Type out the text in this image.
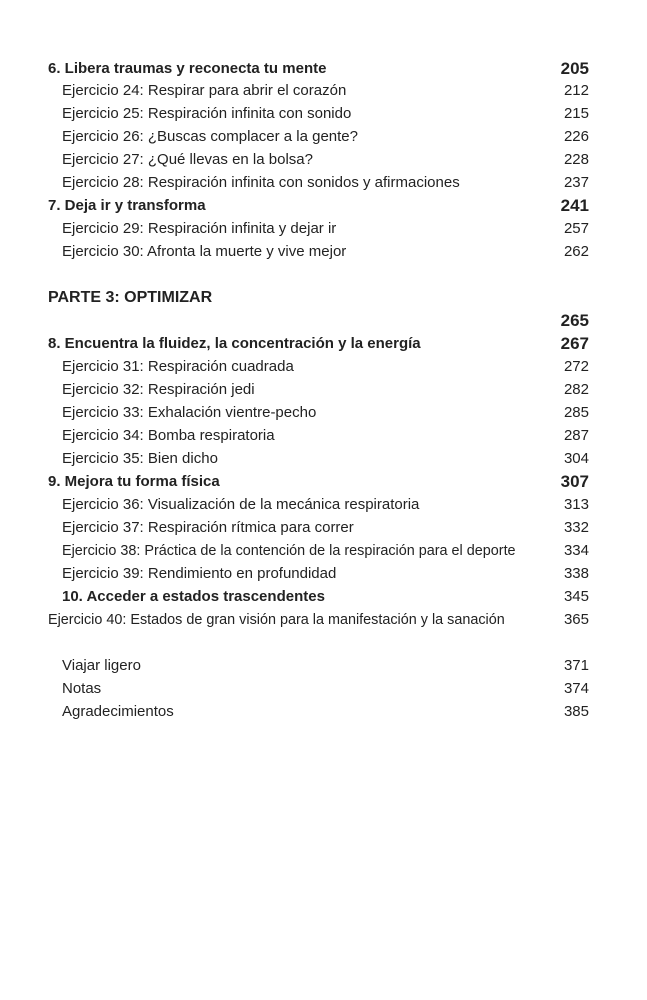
6. Libera traumas y reconecta tu mente	205
Ejercicio 24: Respirar para abrir el corazón	212
Ejercicio 25: Respiración infinita con sonido	215
Ejercicio 26: ¿Buscas complacer a la gente?	226
Ejercicio 27: ¿Qué llevas en la bolsa?	228
Ejercicio 28: Respiración infinita con sonidos y afirmaciones	237
7. Deja ir y transforma	241
Ejercicio 29: Respiración infinita y dejar ir	257
Ejercicio 30: Afronta la muerte y vive mejor	262
PARTE 3: OPTIMIZAR
265
8. Encuentra la fluidez, la concentración y la energía	267
Ejercicio 31: Respiración cuadrada	272
Ejercicio 32: Respiración jedi	282
Ejercicio 33: Exhalación vientre-pecho	285
Ejercicio 34: Bomba respiratoria	287
Ejercicio 35: Bien dicho	304
9. Mejora tu forma física	307
Ejercicio 36: Visualización de la mecánica respiratoria	313
Ejercicio 37: Respiración rítmica para correr	332
Ejercicio 38: Práctica de la contención de la respiración para el deporte	334
Ejercicio 39: Rendimiento en profundidad	338
10. Acceder a estados trascendentes	345
Ejercicio 40: Estados de gran visión para la manifestación y la sanación	365
Viajar ligero	371
Notas	374
Agradecimientos	385
